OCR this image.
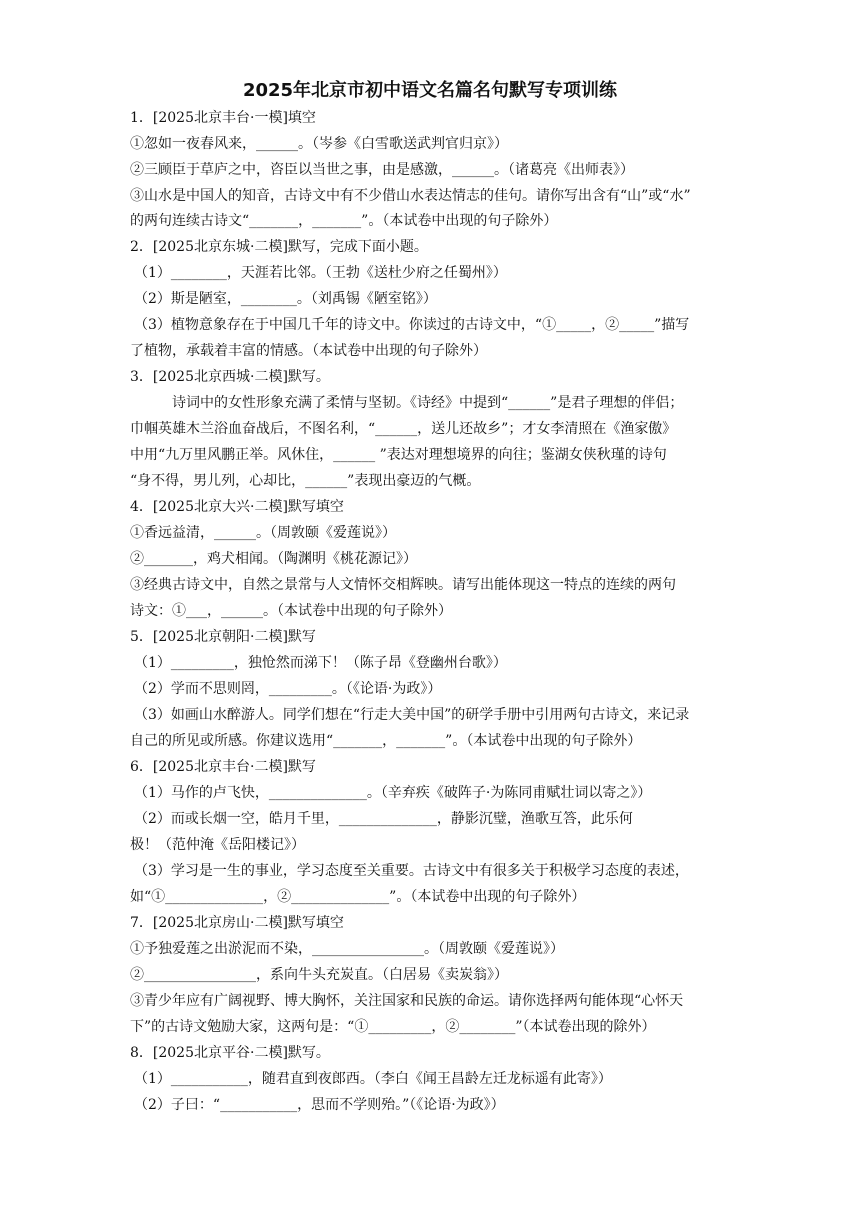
2025年北京市初中语文名篇名句默写专项训练
1．[2025北京丰台·一模]填空
①忽如一夜春风来，______。（岑参《白雪歌送武判官归京》）
②三顾臣于草庐之中，咨臣以当世之事，由是感激，______。（诸葛亮《出师表》）
③山水是中国人的知音，古诗文中有不少借山水表达情志的佳句。请你写出含有“山”或“水”
的两句连续古诗文“_______，_______”。（本试卷中出现的句子除外）
2．[2025北京东城·二模]默写，完成下面小题。
（1）________，天涯若比邻。（王勃《送杜少府之任蜀州》）
（2）斯是陋室，________。（刘禹锡《陋室铭》）
（3）植物意象存在于中国几千年的诗文中。你读过的古诗文中，“①_____，②_____”描写
了植物，承载着丰富的情感。（本试卷中出现的句子除外）
3．[2025北京西城·二模]默写。
诗词中的女性形象充满了柔情与坚韧。《诗经》中提到“______”是君子理想的伴侣；
巾帼英雄木兰浴血奋战后，不图名利，“______，送儿还故乡”；才女李清照在《渔家傲》
中用“九万里风鹏正举。风休住，______ ”表达对理想境界的向往；鉴湖女侠秋瑾的诗句
“身不得，男儿列，心却比，______”表现出豪迈的气概。
4．[2025北京大兴·二模]默写填空
①香远益清，______。（周敦颐《爱莲说》）
②_______，鸡犬相闻。（陶渊明《桃花源记》）
③经典古诗文中，自然之景常与人文情怀交相辉映。请写出能体现这一特点的连续的两句
诗文：①___，______。（本试卷中出现的句子除外）
5．[2025北京朝阳·二模]默写
（1）_________，独怆然而涕下！（陈子昂《登幽州台歌》）
（2）学而不思则罔，_________。（《论语·为政》）
（3）如画山水醉游人。同学们想在“行走大美中国”的研学手册中引用两句古诗文，来记录
自己的所见或所感。你建议选用“_______，_______”。（本试卷中出现的句子除外）
6．[2025北京丰台·二模]默写
（1）马作的卢飞快，______________。（辛弃疾《破阵子·为陈同甫赋壮词以寄之》）
（2）而或长烟一空，皓月千里，______________，静影沉璧，渔歌互答，此乐何
极！（范仲淹《岳阳楼记》）
（3）学习是一生的事业，学习态度至关重要。古诗文中有很多关于积极学习态度的表述，
如“①______________，②______________”。（本试卷中出现的句子除外）
7．[2025北京房山·二模]默写填空
①予独爱莲之出淤泥而不染，________________。（周敦颐《爱莲说》）
②________________，系向牛头充炭直。（白居易《卖炭翁》）
③青少年应有广阔视野、博大胸怀，关注国家和民族的命运。请你选择两句能体现“心怀天
下”的古诗文勉励大家，这两句是：“①_________，②________”（本试卷出现的除外）
8．[2025北京平谷·二模]默写。
（1）___________，随君直到夜郎西。（李白《闻王昌龄左迁龙标遥有此寄》）
（2）子曰：“___________，思而不学则殆。”（《论语·为政》）
